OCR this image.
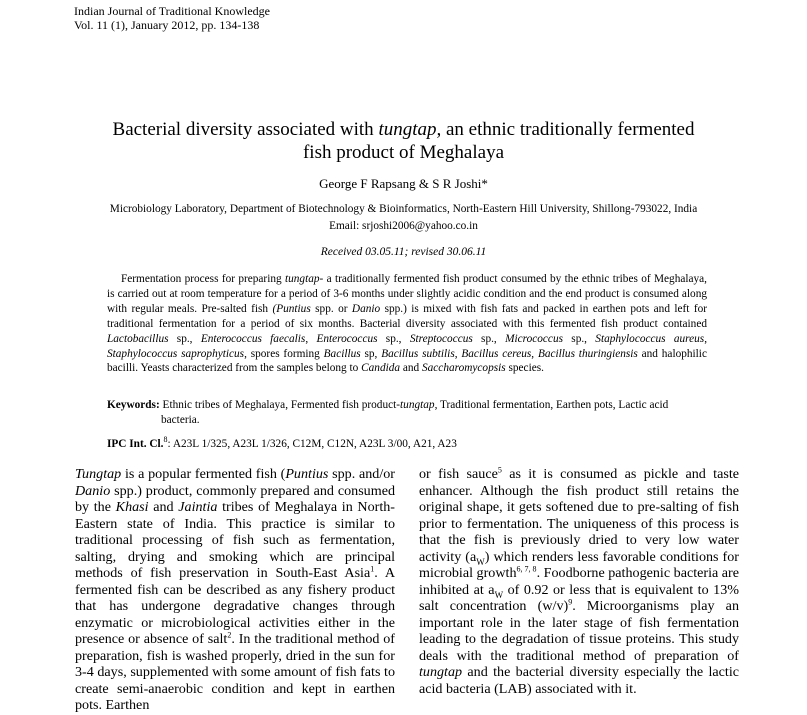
Indian Journal of Traditional Knowledge
Vol. 11 (1), January 2012, pp. 134-138
Bacterial diversity associated with tungtap, an ethnic traditionally fermented
fish product of Meghalaya
George F Rapsang & S R Joshi*
Microbiology Laboratory, Department of Biotechnology & Bioinformatics, North-Eastern Hill University, Shillong-793022, India
Email: srjoshi2006@yahoo.co.in
Received 03.05.11; revised 30.06.11
Fermentation process for preparing tungtap- a traditionally fermented fish product consumed by the ethnic tribes of Meghalaya, is carried out at room temperature for a period of 3-6 months under slightly acidic condition and the end product is consumed along with regular meals. Pre-salted fish (Puntius spp. or Danio spp.) is mixed with fish fats and packed in earthen pots and left for traditional fermentation for a period of six months. Bacterial diversity associated with this fermented fish product contained Lactobacillus sp., Enterococcus faecalis, Enterococcus sp., Streptococcus sp., Micrococcus sp., Staphylococcus aureus, Staphylococcus saprophyticus, spores forming Bacillus sp, Bacillus subtilis, Bacillus cereus, Bacillus thuringiensis and halophilic bacilli. Yeasts characterized from the samples belong to Candida and Saccharomycopsis species.
Keywords: Ethnic tribes of Meghalaya, Fermented fish product-tungtap, Traditional fermentation, Earthen pots, Lactic acid bacteria.
IPC Int. Cl.$^8$: A23L 1/325, A23L 1/326, C12M, C12N, A23L 3/00, A21, A23
Tungtap is a popular fermented fish (Puntius spp. and/or Danio spp.) product, commonly prepared and consumed by the Khasi and Jaintia tribes of Meghalaya in North-Eastern state of India. This practice is similar to traditional processing of fish such as fermentation, salting, drying and smoking which are principal methods of fish preservation in South-East Asia$^1$. A fermented fish can be described as any fishery product that has undergone degradative changes through enzymatic or microbiological activities either in the presence or absence of salt$^2$. In the traditional method of preparation, fish is washed properly, dried in the sun for 3-4 days, supplemented with some amount of fish fats to create semi-anaerobic condition and kept in earthen pots. Earthen
or fish sauce$^5$ as it is consumed as pickle and taste enhancer. Although the fish product still retains the original shape, it gets softened due to pre-salting of fish prior to fermentation. The uniqueness of this process is that the fish is previously dried to very low water activity $(a_W)$ which renders less favorable conditions for microbial growth$^{6, 7, 8}$. Foodborne pathogenic bacteria are inhibited at $a_W$ of 0.92 or less that is equivalent to 13% salt concentration $(w/v)^9$. Microorganisms play an important role in the later stage of fish fermentation leading to the degradation of tissue proteins. This study deals with the traditional method of preparation of tungtap and the bacterial diversity especially the lactic acid bacteria (LAB) associated with it.
